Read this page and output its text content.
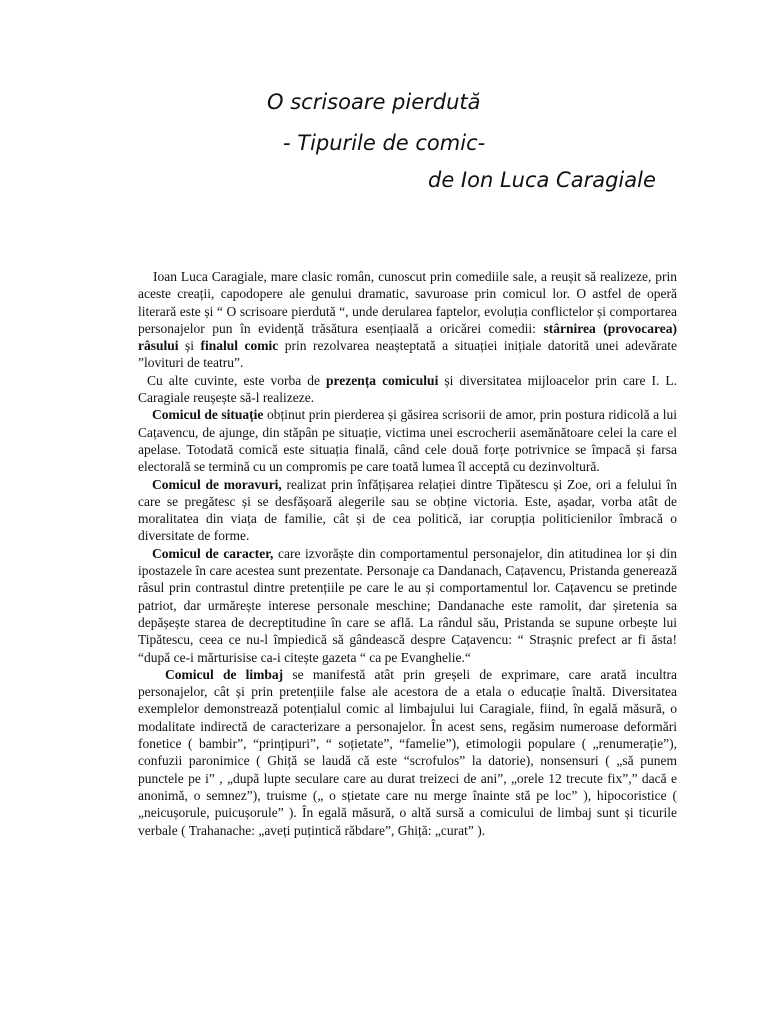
O scrisoare pierdută
- Tipurile de comic-
de Ion Luca Caragiale

Ioan Luca Caragiale, mare clasic român, cunoscut prin comediile sale, a reușit să realizeze, prin aceste creații, capodopere ale genului dramatic, savuroase prin comicul lor. O astfel de operă literară este și “ O scrisoare pierdută “, unde derularea faptelor, evoluția conflictelor și comportarea personajelor pun în evidență trăsătura esențiaală a oricărei comedii: stârnirea (provocarea) râsului și finalul comic prin rezolvarea neașteptată a situației inițiale datorită unei adevărate ”lovituri de teatru”.

Cu alte cuvinte, este vorba de prezența comicului și diversitatea mijloacelor prin care I. L. Caragiale reușește să-l realizeze.

Comicul de situație obținut prin pierderea și găsirea scrisorii de amor, prin postura ridicolă a lui Cațavencu, de ajunge, din stăpân pe situație, victima unei escrocherii asemănătoare celei la care el apelase. Totodată comică este situația finală, când cele două forțe potrivnice se împacă și farsa electorală se termină cu un compromis pe care toată lumea îl acceptă cu dezinvoltură.

Comicul de moravuri, realizat prin înfățișarea relației dintre Tipătescu și Zoe, ori a felului în care se pregătesc și se desfășoară alegerile sau se obține victoria. Este, așadar, vorba atât de moralitatea din viața de familie, cât și de cea politică, iar corupția politicienilor îmbracă o diversitate de forme.

Comicul de caracter, care izvorăște din comportamentul personajelor, din atitudinea lor și din ipostazele în care acestea sunt prezentate. Personaje ca Dandanach, Cațavencu, Pristanda generează râsul prin contrastul dintre pretențiile pe care le au și comportamentul lor. Cațavencu se pretinde patriot, dar urmărește interese personale meschine; Dandanache este ramolit, dar șiretenia sa depășește starea de decreptitudine în care se află. La rândul său, Pristanda se supune orbește lui Tipătescu, ceea ce nu-l împiedică să gândească despre Cațavencu: “ Strașnic prefect ar fi ăsta! “după ce-i mărturisise ca-i citește gazeta “ ca pe Evanghelie.“

Comicul de limbaj se manifestă atât prin greșeli de exprimare, care arată incultra personajelor, cât și prin pretențiile false ale acestora de a etala o educație înaltă. Diversitatea exemplelor demonstrează potențialul comic al limbajului lui Caragiale, fiind, în egală măsură, o modalitate indirectă de caracterizare a personajelor. În acest sens, regăsim numeroase deformări fonetice ( bambir”, “prințipuri”, “ soțietate”, “famelie”), etimologii populare ( „renumerație”), confuzii paronimice ( Ghiță se laudă că este “scrofulos” la datorie), nonsensuri ( „să punem punctele pe i” , „după lupte seculare care au durat treizeci de ani”, „orele 12 trecute fix”,” dacă e anonimă, o semnez”), truisme („ o sțietate care nu merge înainte stă pe loc” ), hipocoristice ( „neicușorule, puicușorule” ). În egală măsură, o altă sursă a comicului de limbaj sunt și ticurile verbale ( Trahanache: „aveți puțintică răbdare”, Ghiță: „curat” ).
